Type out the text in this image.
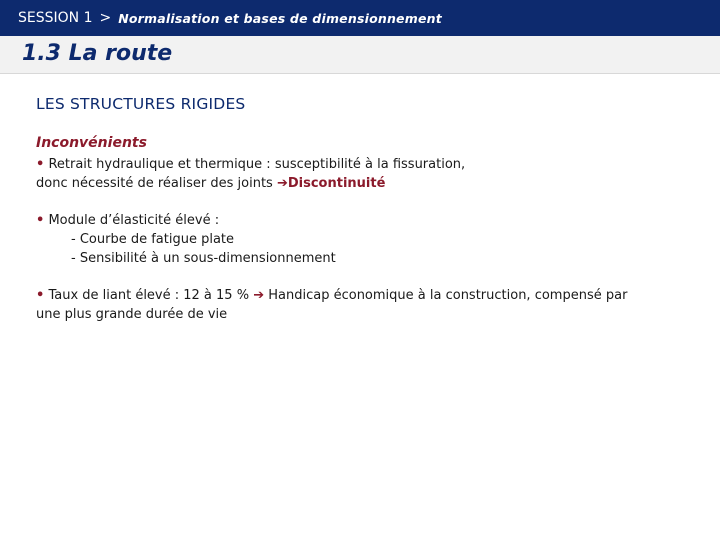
SESSION 1 > Normalisation et bases de dimensionnement
1.3 La route

LES STRUCTURES RIGIDES

Inconvénients

• Retrait hydraulique et thermique : susceptibilité à la fissuration,

donc nécessité de réaliser des joints ➔Discontinuité

• Module d’élasticité élevé :

- Courbe de fatigue plate

- Sensibilité à un sous-dimensionnement

• Taux de liant élevé : 12 à 15 % ➔ Handicap économique à la construction, compensé par

une plus grande durée de vie
